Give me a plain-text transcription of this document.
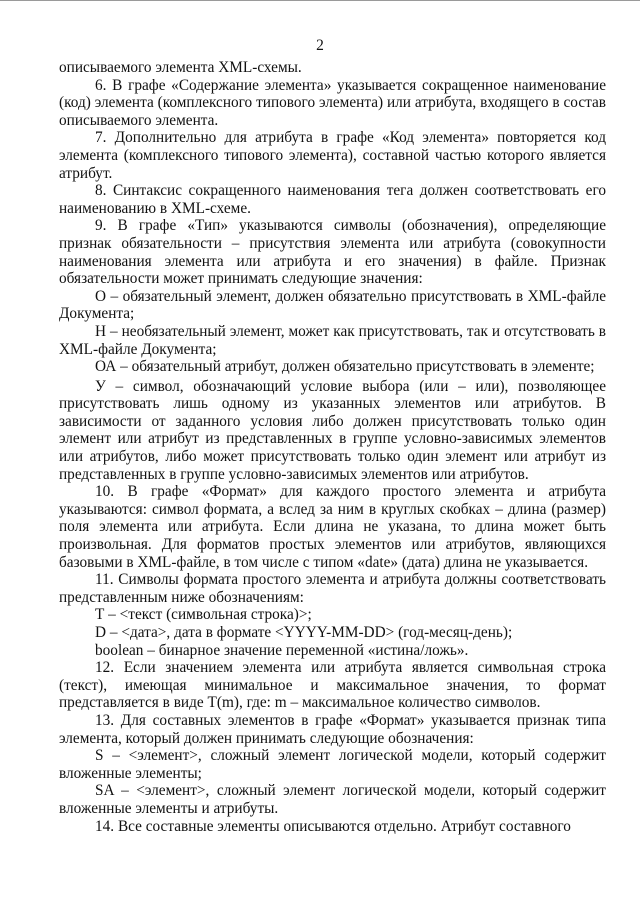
2

описываемого элемента XML-схемы.

6. В графе «Содержание элемента» указывается сокращенное наименование (код) элемента (комплексного типового элемента) или атрибута, входящего в состав описываемого элемента.

7. Дополнительно для атрибута в графе «Код элемента» повторяется код элемента (комплексного типового элемента), составной частью которого является атрибут.

8. Синтаксис сокращенного наименования тега должен соответствовать его наименованию в XML-схеме.

9. В графе «Тип» указываются символы (обозначения), определяющие признак обязательности – присутствия элемента или атрибута (совокупности наименования элемента или атрибута и его значения) в файле. Признак обязательности может принимать следующие значения:

О – обязательный элемент, должен обязательно присутствовать в XML-файле Документа;

Н – необязательный элемент, может как присутствовать, так и отсутствовать в XML-файле Документа;

ОА – обязательный атрибут, должен обязательно присутствовать в элементе;

У – символ, обозначающий условие выбора (или – или), позволяющее присутствовать лишь одному из указанных элементов или атрибутов. В зависимости от заданного условия либо должен присутствовать только один элемент или атрибут из представленных в группе условно-зависимых элементов или атрибутов, либо может присутствовать только один элемент или атрибут из представленных в группе условно-зависимых элементов или атрибутов.

10. В графе «Формат» для каждого простого элемента и атрибута указываются: символ формата, а вслед за ним в круглых скобках – длина (размер) поля элемента или атрибута. Если длина не указана, то длина может быть произвольная. Для форматов простых элементов или атрибутов, являющихся базовыми в XML-файле, в том числе с типом «date» (дата) длина не указывается.

11. Символы формата простого элемента и атрибута должны соответствовать представленным ниже обозначениям:

Т – <текст (символьная строка)>;

D – <дата>, дата в формате <YYYY-MM-DD> (год-месяц-день);

boolean – бинарное значение переменной «истина/ложь».

12. Если значением элемента или атрибута является символьная строка (текст), имеющая минимальное и максимальное значения, то формат представляется в виде T(m), где: m – максимальное количество символов.

13. Для составных элементов в графе «Формат» указывается признак типа элемента, который должен принимать следующие обозначения:

S – <элемент>, сложный элемент логической модели, который содержит вложенные элементы;

SA – <элемент>, сложный элемент логической модели, который содержит вложенные элементы и атрибуты.

14. Все составные элементы описываются отдельно. Атрибут составного
